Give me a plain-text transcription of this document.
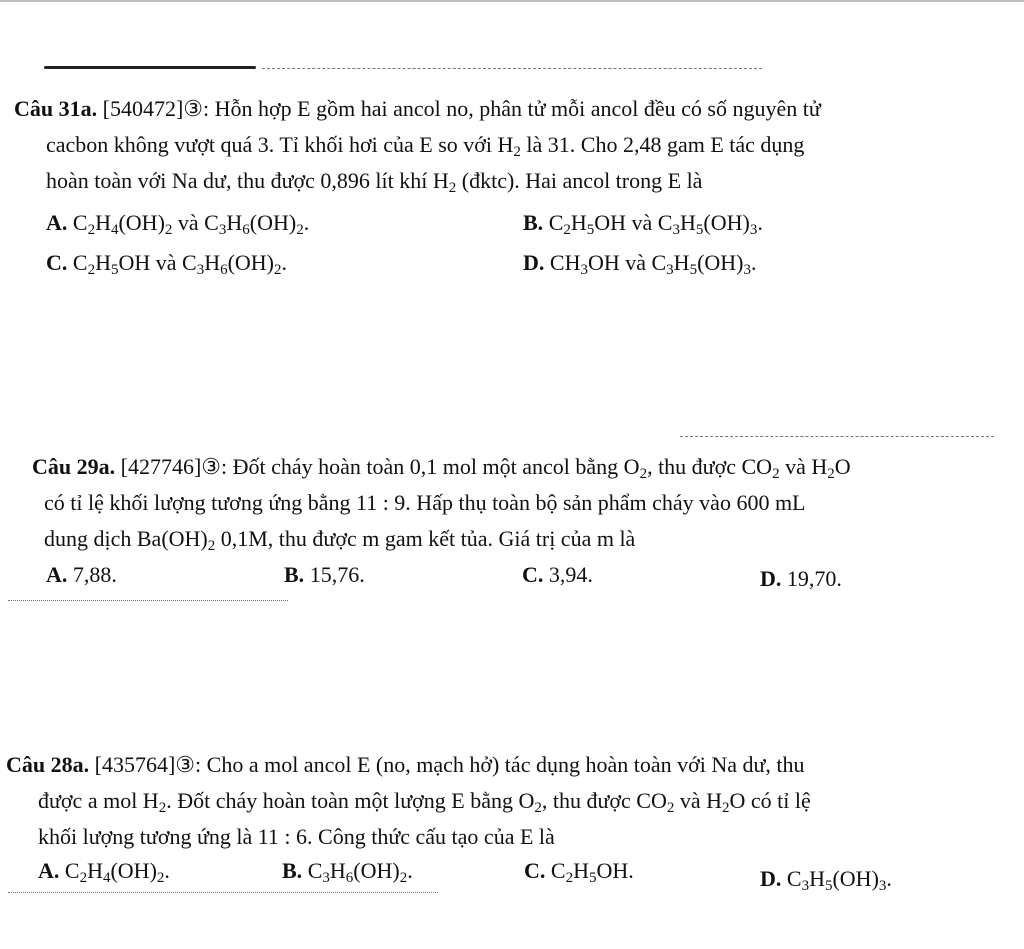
Câu 31a. [540472]③: Hỗn hợp E gồm hai ancol no, phân tử mỗi ancol đều có số nguyên tử
cacbon không vượt quá 3. Tỉ khối hơi của E so với $H_2$ là 31. Cho 2,48 gam E tác dụng
hoàn toàn với Na dư, thu được 0,896 lít khí $H_2$ (đktc). Hai ancol trong E là
A. $C_2H_4(OH)_2$ và $C_3H_6(OH)_2$.	B. $C_2H_5OH$ và $C_3H_5(OH)_3$.
C. $C_2H_5OH$ và $C_3H_6(OH)_2$.	D. $CH_3OH$ và $C_3H_5(OH)_3$.
Câu 29a. [427746]③: Đốt cháy hoàn toàn 0,1 mol một ancol bằng $O_2$, thu được $CO_2$ và $H_2O$
có tỉ lệ khối lượng tương ứng bằng 11 : 9. Hấp thụ toàn bộ sản phẩm cháy vào 600 mL
dung dịch $Ba(OH)_2$ 0,1M, thu được m gam kết tủa. Giá trị của m là
A. 7,88.	B. 15,76.	C. 3,94.	D. 19,70.
Câu 28a. [435764]③: Cho a mol ancol E (no, mạch hở) tác dụng hoàn toàn với Na dư, thu
được a mol $H_2$. Đốt cháy hoàn toàn một lượng E bằng $O_2$, thu được $CO_2$ và $H_2O$ có tỉ lệ
khối lượng tương ứng là 11 : 6. Công thức cấu tạo của E là
A. $C_2H_4(OH)_2$.	B. $C_3H_6(OH)_2$.	C. $C_2H_5OH$.	D. $C_3H_5(OH)_3$.
